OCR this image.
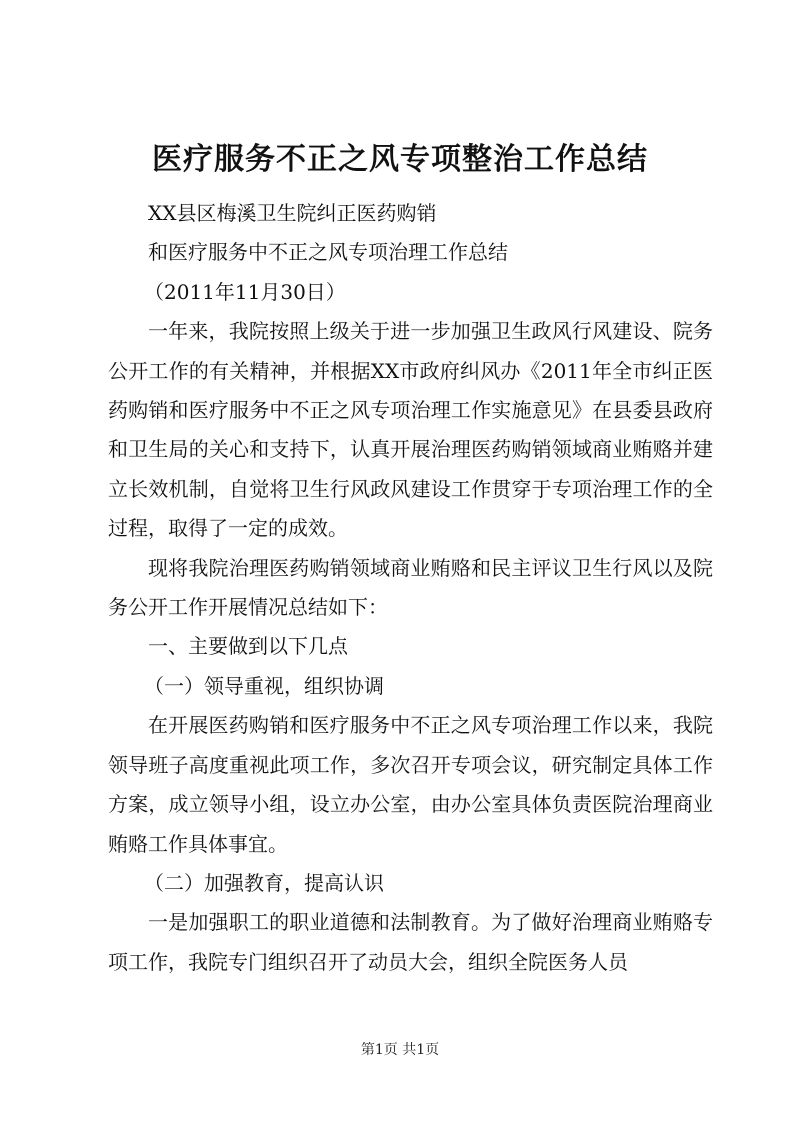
医疗服务不正之风专项整治工作总结

XX县区梅溪卫生院纠正医药购销

和医疗服务中不正之风专项治理工作总结

（2011年11月30日）

一年来，我院按照上级关于进一步加强卫生政风行风建设、院务公开工作的有关精神，并根据XX市政府纠风办《2011年全市纠正医药购销和医疗服务中不正之风专项治理工作实施意见》在县委县政府和卫生局的关心和支持下，认真开展治理医药购销领域商业贿赂并建立长效机制，自觉将卫生行风政风建设工作贯穿于专项治理工作的全过程，取得了一定的成效。

现将我院治理医药购销领域商业贿赂和民主评议卫生行风以及院务公开工作开展情况总结如下：

一、主要做到以下几点

（一）领导重视，组织协调

在开展医药购销和医疗服务中不正之风专项治理工作以来，我院领导班子高度重视此项工作，多次召开专项会议，研究制定具体工作方案，成立领导小组，设立办公室，由办公室具体负责医院治理商业贿赂工作具体事宜。

（二）加强教育，提高认识

一是加强职工的职业道德和法制教育。为了做好治理商业贿赂专项工作，我院专门组织召开了动员大会，组织全院医务人员

第1页 共1页
